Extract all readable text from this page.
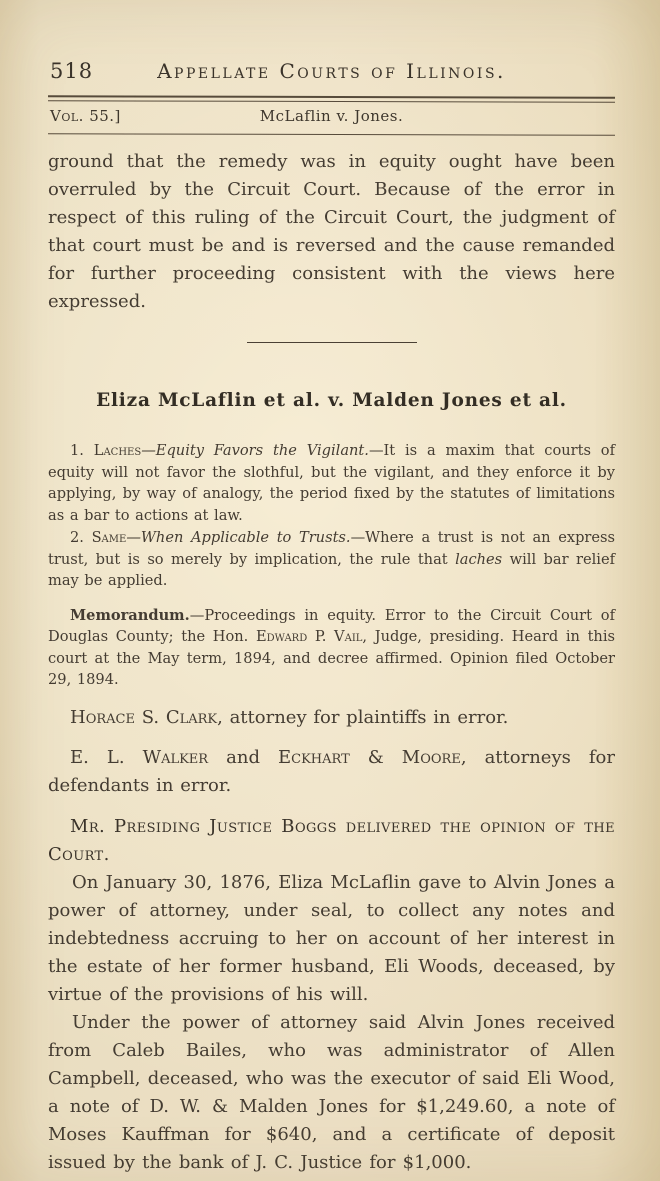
518	Appellate Courts of Illinois.
Vol. 55.]	McLaflin v. Jones.

ground that the remedy was in equity ought have been overruled by the Circuit Court. Because of the error in respect of this ruling of the Circuit Court, the judgment of that court must be and is reversed and the cause remanded for further proceeding consistent with the views here expressed.

Eliza McLaflin et al. v. Malden Jones et al.

1. Laches—Equity Favors the Vigilant.—It is a maxim that courts of equity will not favor the slothful, but the vigilant, and they enforce it by applying, by way of analogy, the period fixed by the statutes of limitations as a bar to actions at law.

2. Same—When Applicable to Trusts.—Where a trust is not an express trust, but is so merely by implication, the rule that laches will bar relief may be applied.

Memorandum.—Proceedings in equity. Error to the Circuit Court of Douglas County; the Hon. Edward P. Vail, Judge, presiding. Heard in this court at the May term, 1894, and decree affirmed. Opinion filed October 29, 1894.

Horace S. Clark, attorney for plaintiffs in error.

E. L. Walker and Eckhart & Moore, attorneys for defendants in error.

Mr. Presiding Justice Boggs delivered the opinion of the Court.

On January 30, 1876, Eliza McLaflin gave to Alvin Jones a power of attorney, under seal, to collect any notes and indebtedness accruing to her on account of her interest in the estate of her former husband, Eli Woods, deceased, by virtue of the provisions of his will.

Under the power of attorney said Alvin Jones received from Caleb Bailes, who was administrator of Allen Campbell, deceased, who was the executor of said Eli Wood, a note of D. W. & Malden Jones for $1,249.60, a note of Moses Kauffman for $640, and a certificate of deposit issued by the bank of J. C. Justice for $1,000.
